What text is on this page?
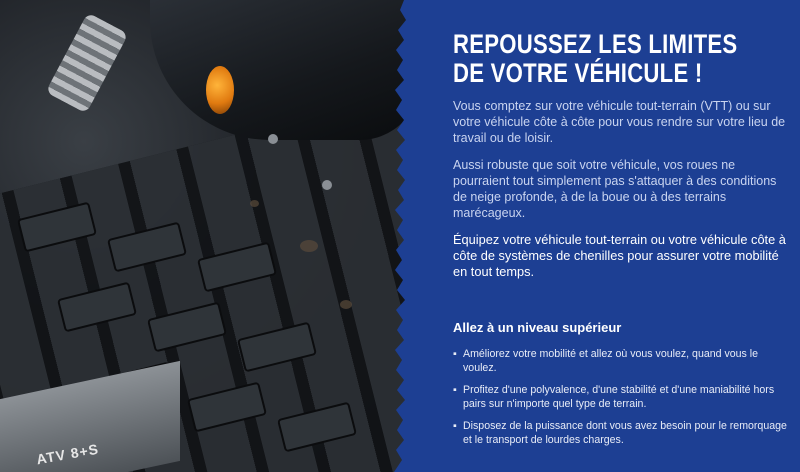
ATV 8+S
REPOUSSEZ LES LIMITES
DE VOTRE VÉHICULE !

Vous comptez sur votre véhicule tout-terrain (VTT) ou sur votre véhicule côte à côte pour vous rendre sur votre lieu de travail ou de loisir.

Aussi robuste que soit votre véhicule, vos roues ne pourraient tout simplement pas s'attaquer à des conditions de neige profonde, à de la boue ou à des terrains marécageux.

Équipez votre véhicule tout-terrain ou votre véhicule côte à côte de systèmes de chenilles pour assurer votre mobilité en tout temps.

Allez à un niveau supérieur
▪ Améliorez votre mobilité et allez où vous voulez, quand vous le voulez.
▪ Profitez d'une polyvalence, d'une stabilité et d'une maniabilité hors pairs sur n'importe quel type de terrain.
▪ Disposez de la puissance dont vous avez besoin pour le remorquage et le transport de lourdes charges.
